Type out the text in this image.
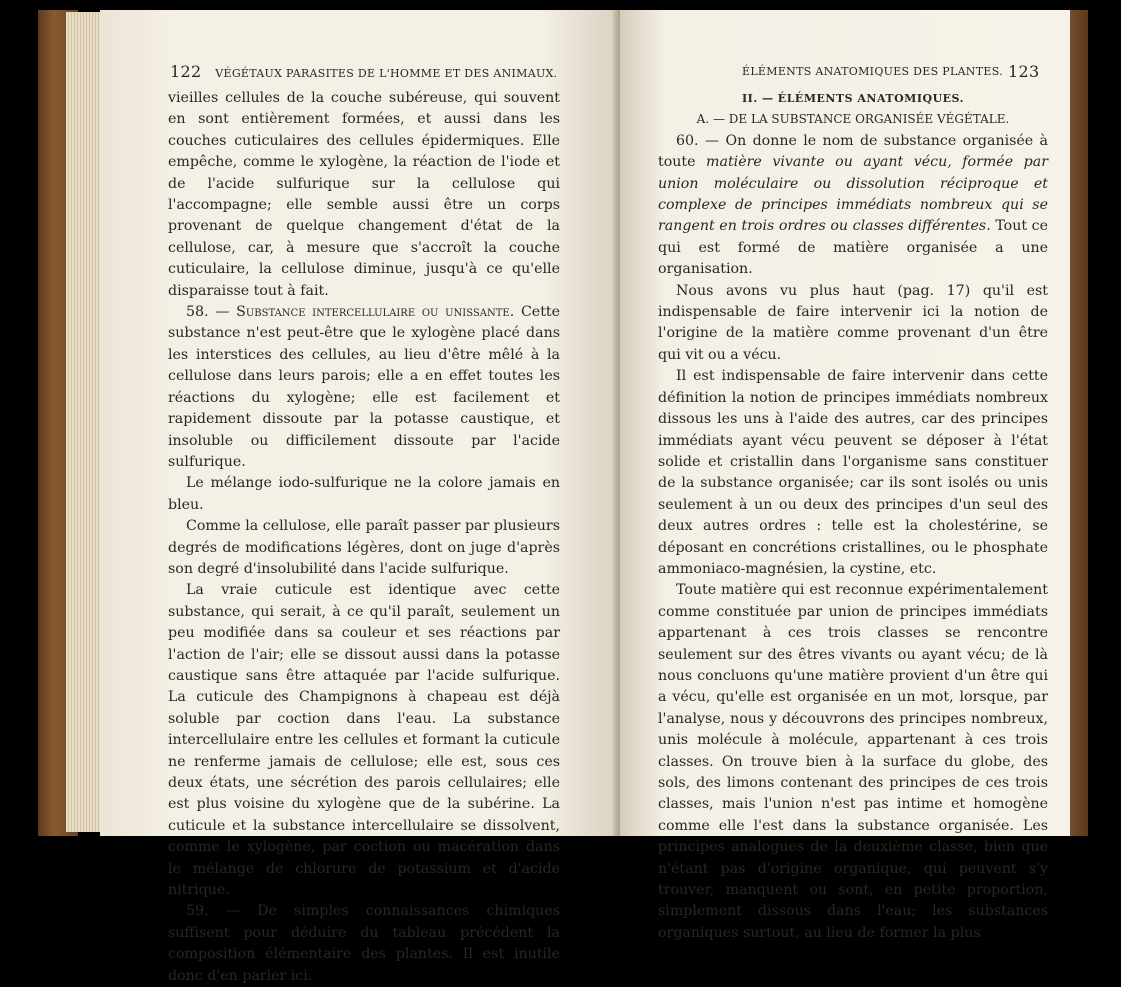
122 VÉGÉTAUX PARASITES DE L'HOMME ET DES ANIMAUX.

vieilles cellules de la couche subéreuse, qui souvent en sont entièrement formées, et aussi dans les couches cuticulaires des cellules épidermiques. Elle empêche, comme le xylogène, la réaction de l'iode et de l'acide sulfurique sur la cellulose qui l'accompagne; elle semble aussi être un corps provenant de quelque changement d'état de la cellulose, car, à mesure que s'accroît la couche cuticulaire, la cellulose diminue, jusqu'à ce qu'elle disparaisse tout à fait.

58. — Substance intercellulaire ou unissante. Cette substance n'est peut-être que le xylogène placé dans les interstices des cellules, au lieu d'être mêlé à la cellulose dans leurs parois; elle a en effet toutes les réactions du xylogène; elle est facilement et rapidement dissoute par la potasse caustique, et insoluble ou difficilement dissoute par l'acide sulfurique.

Le mélange iodo-sulfurique ne la colore jamais en bleu.

Comme la cellulose, elle paraît passer par plusieurs degrés de modifications légères, dont on juge d'après son degré d'insolubilité dans l'acide sulfurique.

La vraie cuticule est identique avec cette substance, qui serait, à ce qu'il paraît, seulement un peu modifiée dans sa couleur et ses réactions par l'action de l'air; elle se dissout aussi dans la potasse caustique sans être attaquée par l'acide sulfurique. La cuticule des Champignons à chapeau est déjà soluble par coction dans l'eau. La substance intercellulaire entre les cellules et formant la cuticule ne renferme jamais de cellulose; elle est, sous ces deux états, une sécrétion des parois cellulaires; elle est plus voisine du xylogène que de la subérine. La cuticule et la substance intercellulaire se dissolvent, comme le xylogène, par coction ou macération dans le mélange de chlorure de potassium et d'acide nitrique.

59. — De simples connaissances chimiques suffisent pour déduire du tableau précédent la composition élémentaire des plantes. Il est inutile donc d'en parler ici.

ÉLÉMENTS ANATOMIQUES DES PLANTES. 123

II. — ÉLÉMENTS ANATOMIQUES.

A. — DE LA SUBSTANCE ORGANISÉE VÉGÉTALE.

60. — On donne le nom de substance organisée à toute matière vivante ou ayant vécu, formée par union moléculaire ou dissolution réciproque et complexe de principes immédiats nombreux qui se rangent en trois ordres ou classes différentes. Tout ce qui est formé de matière organisée a une organisation.

Nous avons vu plus haut (pag. 17) qu'il est indispensable de faire intervenir ici la notion de l'origine de la matière comme provenant d'un être qui vit ou a vécu.

Il est indispensable de faire intervenir dans cette définition la notion de principes immédiats nombreux dissous les uns à l'aide des autres, car des principes immédiats ayant vécu peuvent se déposer à l'état solide et cristallin dans l'organisme sans constituer de la substance organisée; car ils sont isolés ou unis seulement à un ou deux des principes d'un seul des deux autres ordres : telle est la cholestérine, se déposant en concrétions cristallines, ou le phosphate ammoniaco-magnésien, la cystine, etc.

Toute matière qui est reconnue expérimentalement comme constituée par union de principes immédiats appartenant à ces trois classes se rencontre seulement sur des êtres vivants ou ayant vécu; de là nous concluons qu'une matière provient d'un être qui a vécu, qu'elle est organisée en un mot, lorsque, par l'analyse, nous y découvrons des principes nombreux, unis molécule à molécule, appartenant à ces trois classes. On trouve bien à la surface du globe, des sols, des limons contenant des principes de ces trois classes, mais l'union n'est pas intime et homogène comme elle l'est dans la substance organisée. Les principes analogues de la deuxième classe, bien que n'étant pas d'origine organique, qui peuvent s'y trouver, manquent ou sont, en petite proportion, simplement dissous dans l'eau; les substances organiques surtout, au lieu de former la plus
